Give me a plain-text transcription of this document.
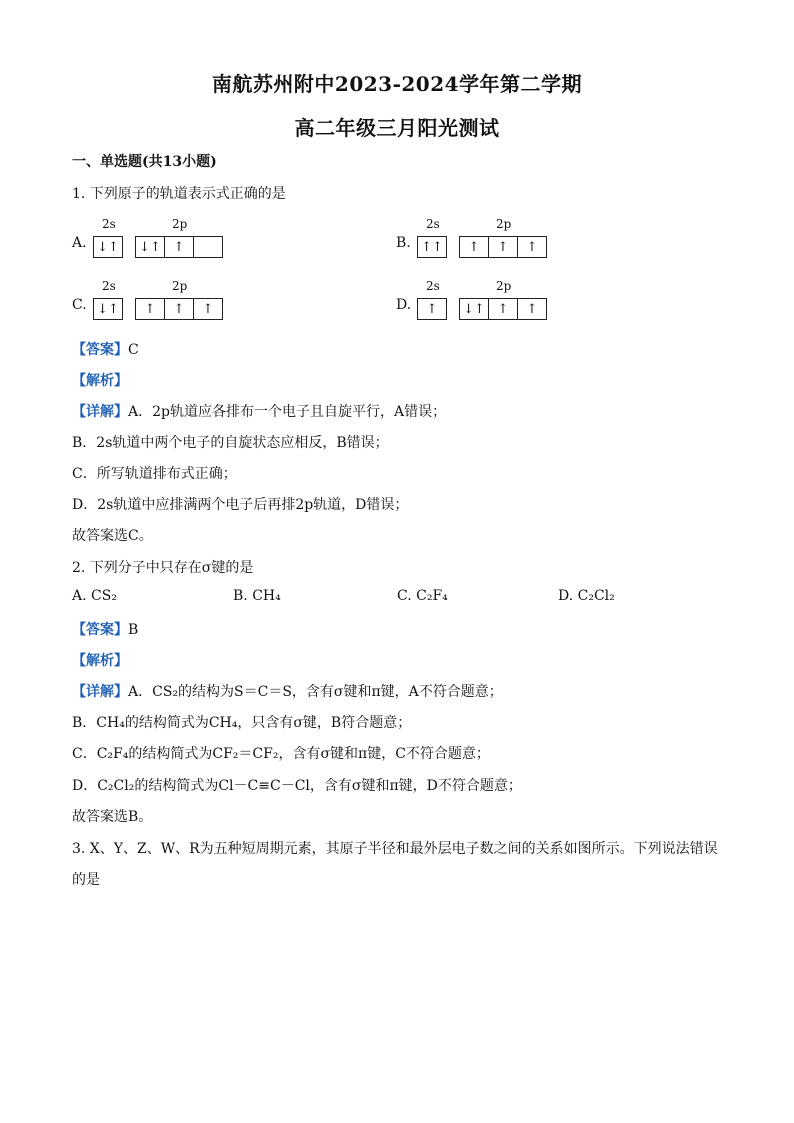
南航苏州附中2023-2024学年第二学期
高二年级三月阳光测试
一、单选题(共13小题)
1. 下列原子的轨道表示式正确的是
A.
2s	2p
↓↑	↓↑ ↑	B.
2s	2p
↑↑	↑	↑	↑
C.
2s	2p
↓↑	↑	↑	↑	D.
2s	2p
↑	↓↑ ↑	↑
【答案】C
【解析】
【详解】A．2p轨道应各排布一个电子且自旋平行，A错误；
B．2s轨道中两个电子的自旋状态应相反，B错误；
C．所写轨道排布式正确；
D．2s轨道中应排满两个电子后再排2p轨道，D错误；
故答案选C。
2. 下列分子中只存在σ键的是
A. CS₂	B. CH₄	C. C₂F₄	D. C₂Cl₂
【答案】B
【解析】
【详解】A．CS₂的结构为S＝C＝S，含有σ键和π键，A不符合题意；
B．CH₄的结构简式为CH₄，只含有σ键，B符合题意；
C．C₂F₄的结构简式为CF₂＝CF₂，含有σ键和π键，C不符合题意；
D．C₂Cl₂的结构简式为Cl－C≡C－Cl，含有σ键和π键，D不符合题意；
故答案选B。
3. X、Y、Z、W、R为五种短周期元素，其原子半径和最外层电子数之间的关系如图所示。下列说法错误
的是
